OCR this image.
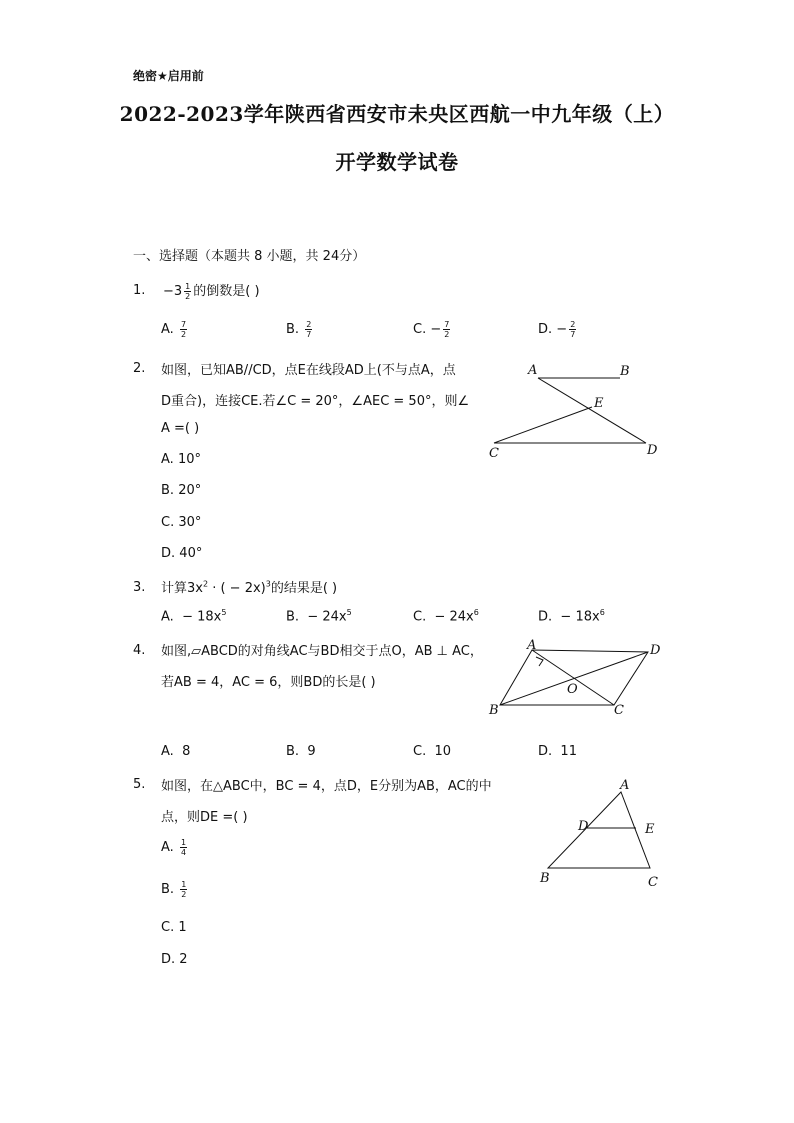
绝密★启用前
2022-2023学年陕西省西安市未央区西航一中九年级（上）
开学数学试卷
一、选择题（本题共 8 小题，共 24分）
1. $-3 \frac{1}{2}$ 的倒数是( )
A. $\frac{7}{2}$	B. $\frac{2}{7}$	C. − $\frac{7}{2}$	D. − $\frac{2}{7}$
2. 如图，已知AB//CD，点E在线段AD上(不与点A，点
D重合)，连接CE.若∠C = 20°，∠AEC = 50°，则∠
A =( )
A. 10°
B. 20°
C. 30°
D. 40°
A	B
E
C	D
3. 计算$3x^2$ · ( − 2x)$^3$的结果是( )
A. − $18x^5$	B. − $24x^5$	C. − $24x^6$	D. − $18x^6$
4. 如图,▱ABCD的对角线AC与BD相交于点O，AB ⊥ AC，
若AB = 4，AC = 6，则BD的长是( )
A	D
O
B	C
A. 8	B. 9	C. 10	D. 11
5. 如图，在△ABC中，BC = 4，点D，E分别为AB，AC的中
点，则DE =( )
A. $\frac{1}{4}$
B. $\frac{1}{2}$
C. 1
D. 2
A
D	E
B	C
